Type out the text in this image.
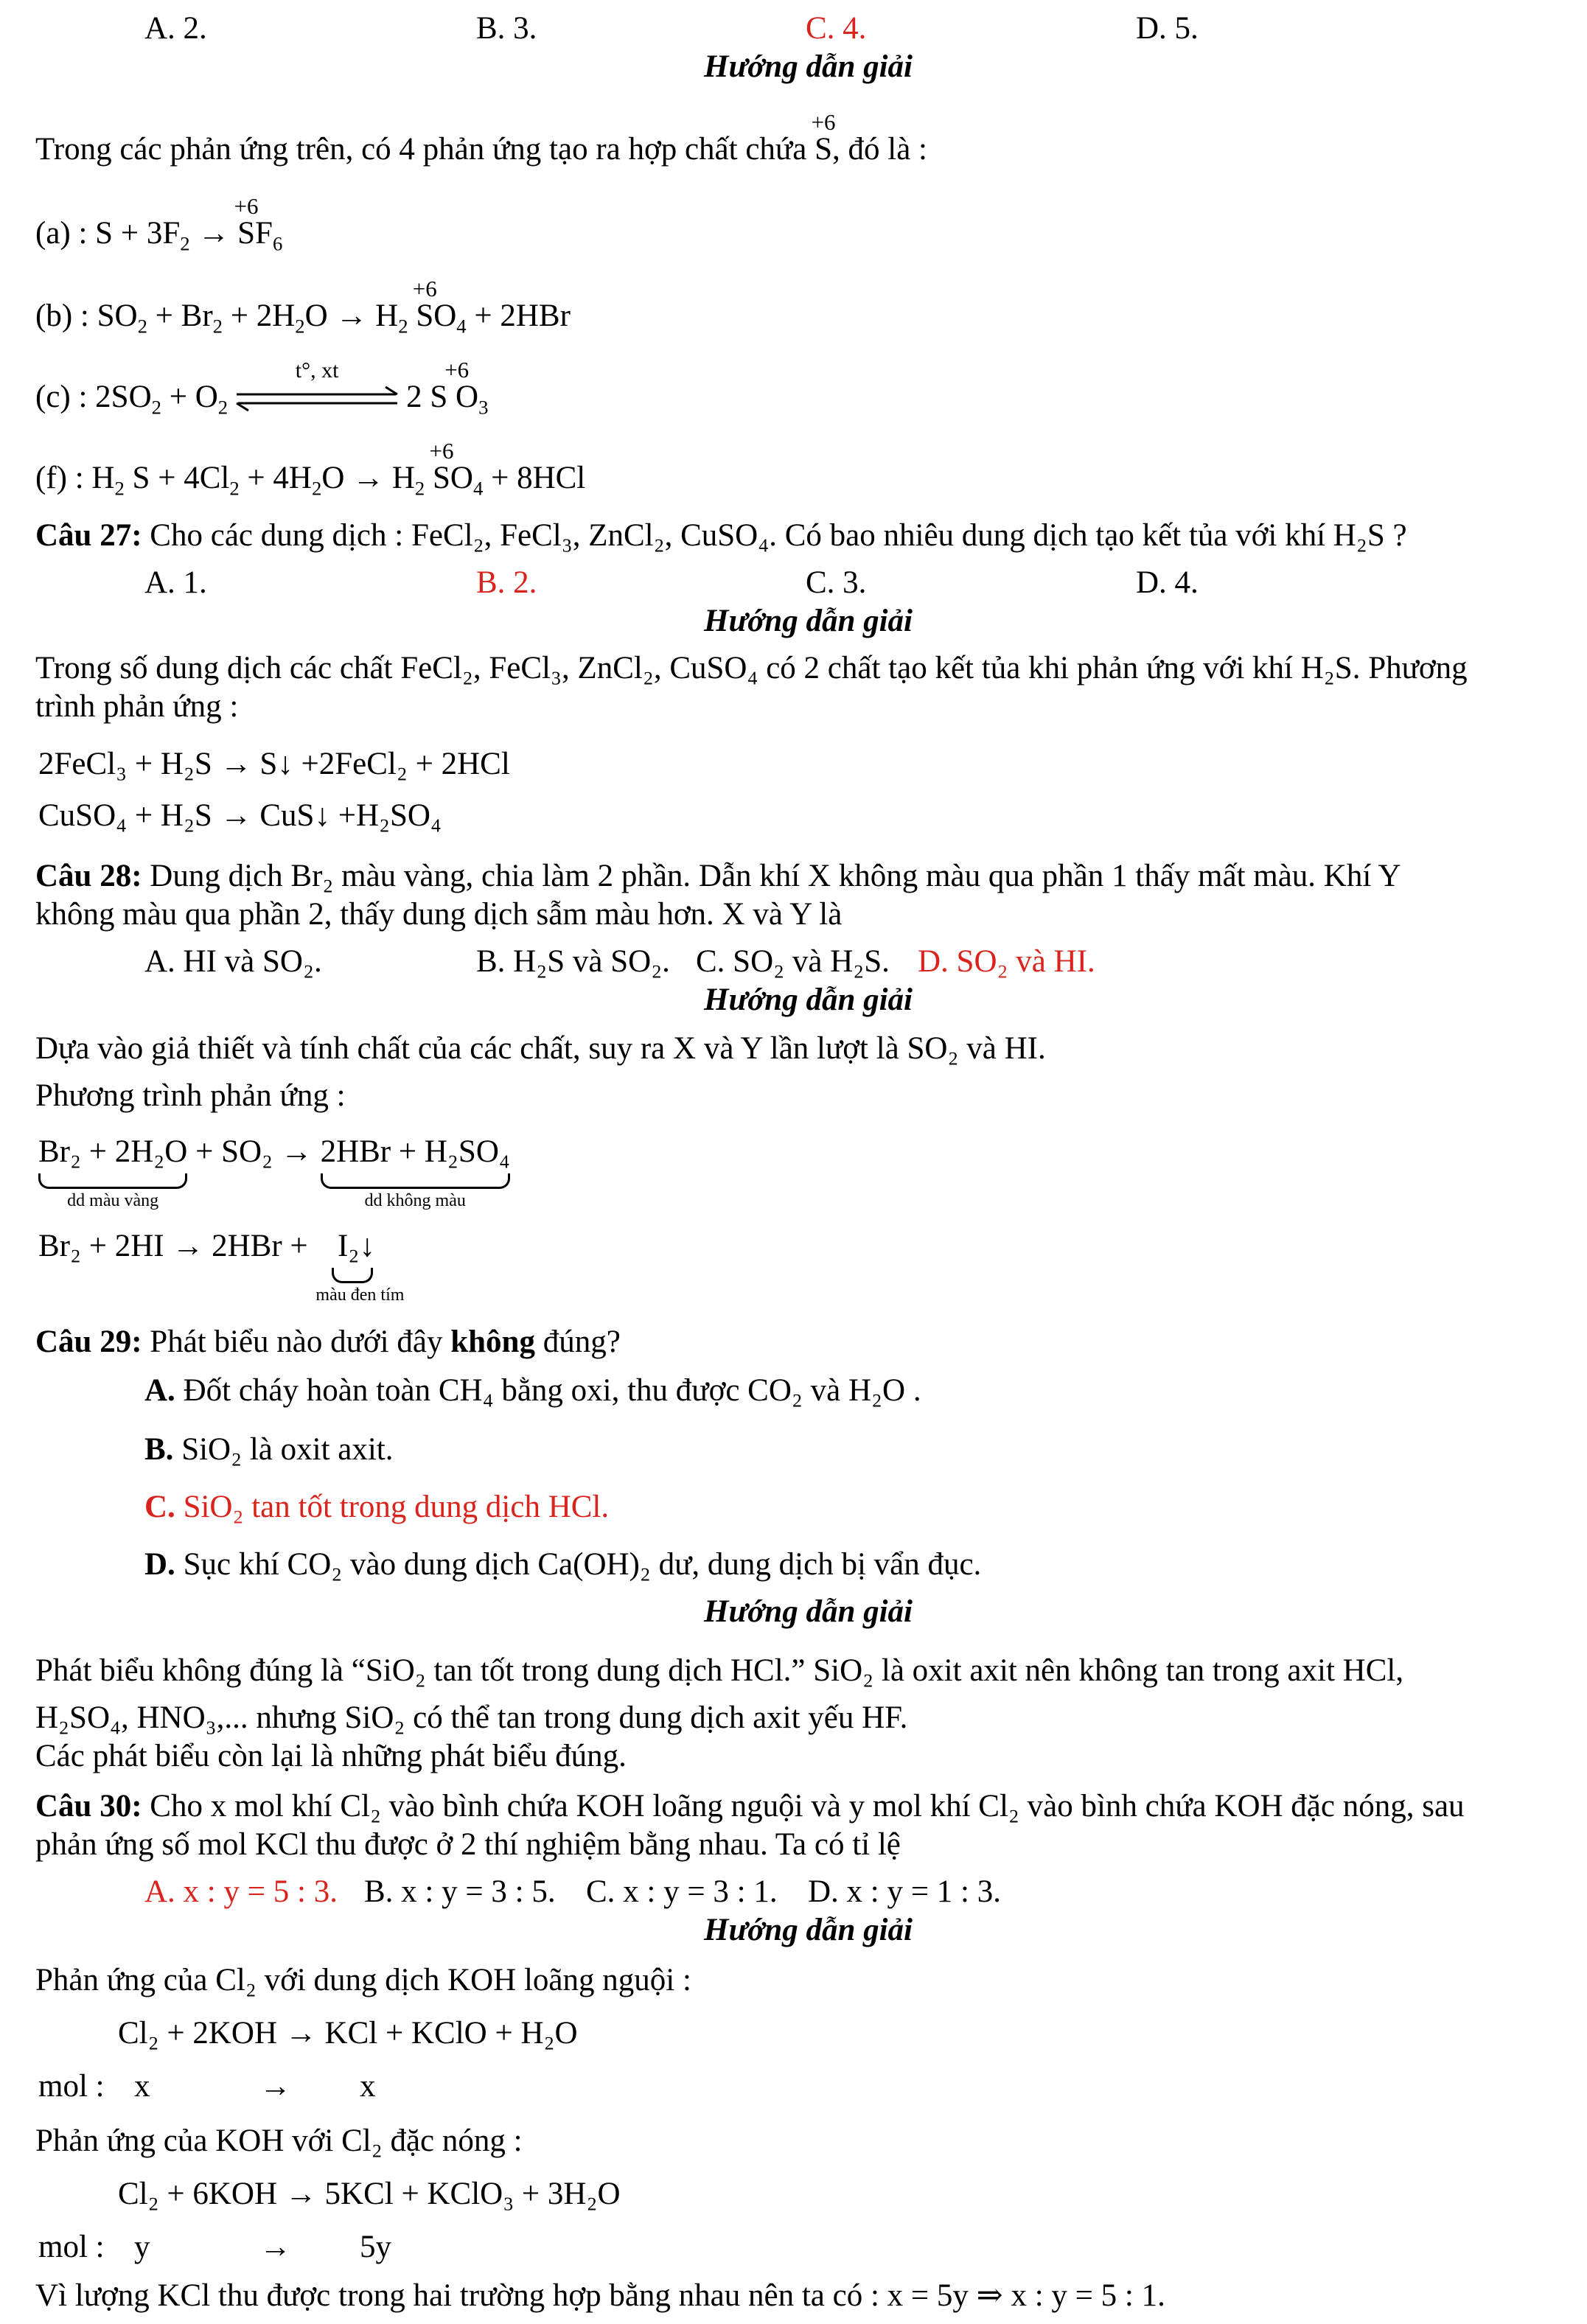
A. 2.	B. 3.	C. 4.	D. 5.
Hướng dẫn giải
Trong các phản ứng trên, có 4 phản ứng tạo ra hợp chất chứa
+6
S, đó là :
(a) : $S + 3F_2$ →
+6
$SF_6$
(b) : $SO_2 + Br_2 + 2H_2O \to H_2$
+6
$SO_4 + 2HBr$
(c) : $2SO_2 + O_2$
t°, xt	+6
2 S $O_3$
(f) : $H_2$ $S + 4Cl_2 + 4H_2O \to H_2$
+6
$SO_4 + 8HCl$
Câu 27: Cho các dung dịch : FeCl₂, FeCl₃, ZnCl₂, CuSO₄. Có bao nhiêu dung dịch tạo kết tủa với khí H₂S ?
A. 1.	B. 2.	C. 3.	D. 4.
Hướng dẫn giải
Trong số dung dịch các chất FeCl₂, FeCl₃, ZnCl₂, CuSO₄ có 2 chất tạo kết tủa khi phản ứng với khí H₂S. Phương
trình phản ứng :
2FeCl₃ + H₂S → S↓ +2FeCl₂ + 2HCl
CuSO₄ + H₂S → CuS↓ +H₂SO₄
Câu 28: Dung dịch Br₂ màu vàng, chia làm 2 phần. Dẫn khí X không màu qua phần 1 thấy mất màu. Khí Y
không màu qua phần 2, thấy dung dịch sẫm màu hơn. X và Y là
A. HI và SO₂.	B. H₂S và SO₂. C. SO₂ và H₂S. D. SO₂ và HI.
Hướng dẫn giải
Dựa vào giả thiết và tính chất của các chất, suy ra X và Y lần lượt là SO₂ và HI.
Phương trình phản ứng :
Br₂ + 2H₂O
dd màu vàng
+ SO₂ → 2HBr + H₂SO₄
dd không màu
Br₂ + 2HI → 2HBr + I₂↓
màu đen tím
Câu 29: Phát biểu nào dưới đây không đúng?
A. Đốt cháy hoàn toàn CH₄ bằng oxi, thu được CO₂ và H₂O .
B. SiO₂ là oxit axit.
C. SiO₂ tan tốt trong dung dịch HCl.
D. Sục khí CO₂ vào dung dịch Ca(OH)₂ dư, dung dịch bị vẩn đục.
Hướng dẫn giải
Phát biểu không đúng là “SiO₂ tan tốt trong dung dịch HCl.” SiO₂ là oxit axit nên không tan trong axit HCl,
H₂SO₄, HNO₃,... nhưng SiO₂ có thể tan trong dung dịch axit yếu HF.
Các phát biểu còn lại là những phát biểu đúng.
Câu 30: Cho x mol khí Cl₂ vào bình chứa KOH loãng nguội và y mol khí Cl₂ vào bình chứa KOH đặc nóng, sau
phản ứng số mol KCl thu được ở 2 thí nghiệm bằng nhau. Ta có tỉ lệ
A. x : y = 5 : 3. B. x : y = 3 : 5. C. x : y = 3 : 1. D. x : y = 1 : 3.
Hướng dẫn giải
Phản ứng của Cl₂ với dung dịch KOH loãng nguội :
Cl₂ + 2KOH → KCl + KClO + H₂O
mol : x	→ x
Phản ứng của KOH với Cl₂ đặc nóng :
Cl₂ + 6KOH → 5KCl + KClO₃ + 3H₂O
mol : y	→ 5y
Vì lượng KCl thu được trong hai trường hợp bằng nhau nên ta có : x = 5y ⇒ x : y = 5 : 1.
